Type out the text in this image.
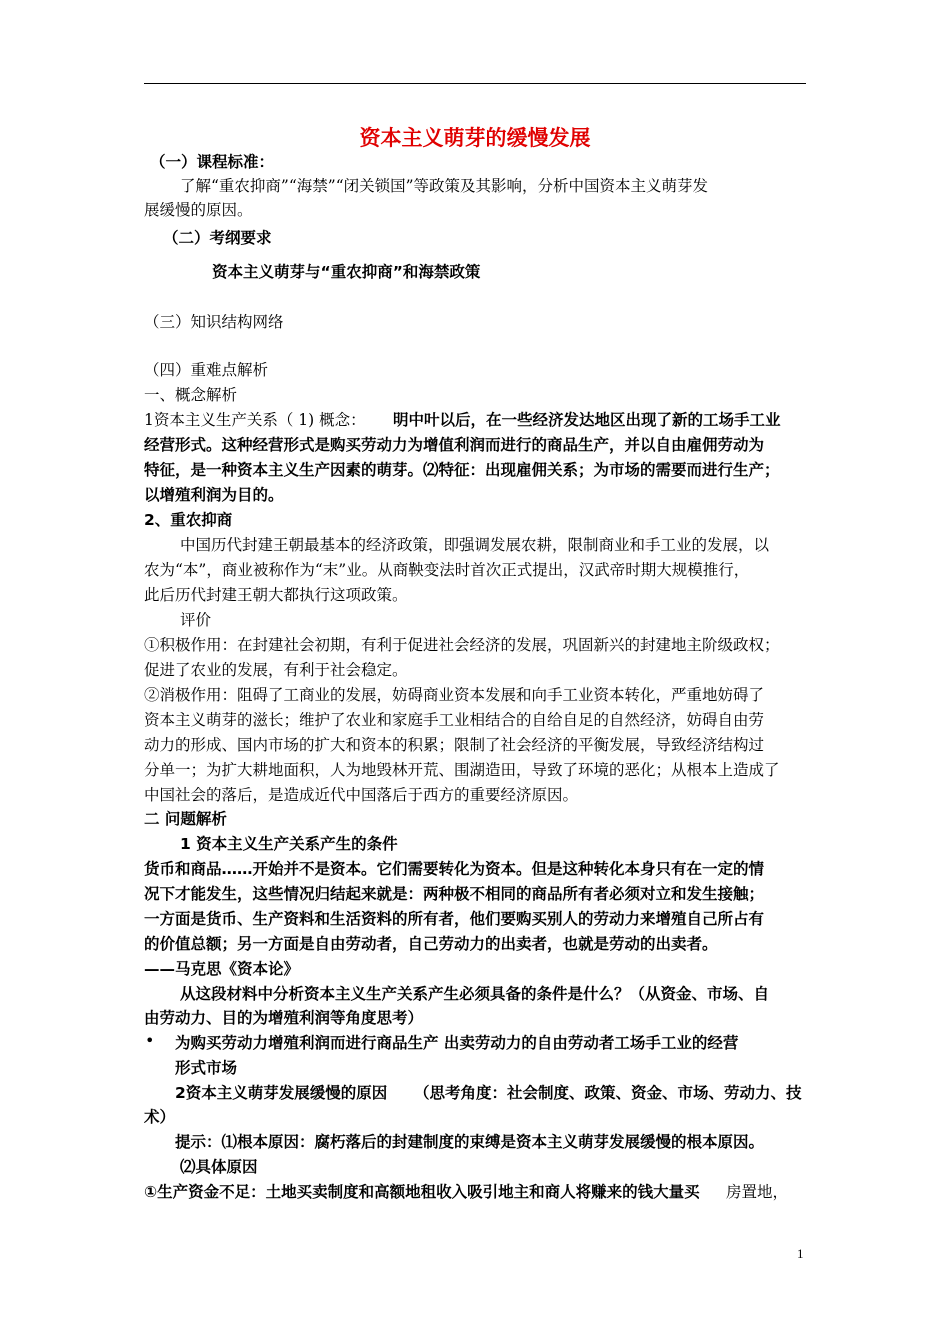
资本主义萌芽的缓慢发展
（一）课程标准：
了解“重农抑商”“海禁”“闭关锁国”等政策及其影响，分析中国资本主义萌芽发
展缓慢的原因。
（二）考纲要求
资本主义萌芽与“重农抑商”和海禁政策
（三）知识结构网络
（四）重难点解析
一、概念解析
1资本主义生产关系（ 1) 概念： 明中叶以后，在一些经济发达地区出现了新的工场手工业
经营形式。这种经营形式是购买劳动力为增值利润而进行的商品生产，并以自由雇佣劳动为
特征，是一种资本主义生产因素的萌芽。⑵特征：出现雇佣关系；为市场的需要而进行生产；
以增殖利润为目的。
2、重农抑商
中国历代封建王朝最基本的经济政策，即强调发展农耕，限制商业和手工业的发展，以
农为“本”，商业被称作为“末”业。从商鞅变法时首次正式提出，汉武帝时期大规模推行，
此后历代封建王朝大都执行这项政策。
评价
①积极作用：在封建社会初期，有利于促进社会经济的发展，巩固新兴的封建地主阶级政权；
促进了农业的发展，有利于社会稳定。
②消极作用：阻碍了工商业的发展，妨碍商业资本发展和向手工业资本转化，严重地妨碍了
资本主义萌芽的滋长；维护了农业和家庭手工业相结合的自给自足的自然经济，妨碍自由劳
动力的形成、国内市场的扩大和资本的积累；限制了社会经济的平衡发展，导致经济结构过
分单一；为扩大耕地面积，人为地毁林开荒、围湖造田，导致了环境的恶化；从根本上造成了
中国社会的落后，是造成近代中国落后于西方的重要经济原因。
二 问题解析
1 资本主义生产关系产生的条件
货币和商品……开始并不是资本。它们需要转化为资本。但是这种转化本身只有在一定的情
况下才能发生，这些情况归结起来就是：两种极不相同的商品所有者必须对立和发生接触；
一方面是货币、生产资料和生活资料的所有者，他们要购买别人的劳动力来增殖自己所占有
的价值总额；另一方面是自由劳动者，自己劳动力的出卖者，也就是劳动的出卖者。
——马克思《资本论》
从这段材料中分析资本主义生产关系产生必须具备的条件是什么？（从资金、市场、自
由劳动力、目的为增殖利润等角度思考）
• 为购买劳动力增殖利润而进行商品生产 出卖劳动力的自由劳动者工场手工业的经营
形式市场
2资本主义萌芽发展缓慢的原因 （思考角度：社会制度、政策、资金、市场、劳动力、技
术）
提示：⑴根本原因：腐朽落后的封建制度的束缚是资本主义萌芽发展缓慢的根本原因。
⑵具体原因
①生产资金不足：土地买卖制度和高额地租收入吸引地主和商人将赚来的钱大量买 房置地，
1
